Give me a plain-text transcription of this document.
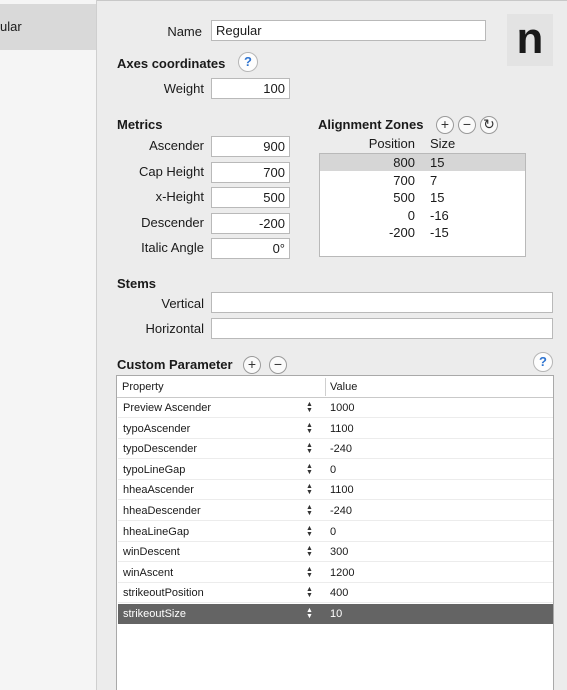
ular	Name	Regular	n
Axes coordinates	?
Weight	100
Metrics
Ascender	900
Cap Height	700
x-Height	500
Descender	-200
Italic Angle	0°
Alignment Zones	+ − ↻
Position Size
800 15
700 7
500 15
0 -16
-200 -15
Stems
Vertical
Horizontal
Custom Parameter	+	−	?
Property	Value
Preview Ascender	▲▼ 1000
typoAscender	▲▼ 1100
typoDescender	▲▼ -240
typoLineGap	▲▼ 0
hheaAscender	▲▼ 1100
hheaDescender	▲▼ -240
hheaLineGap	▲▼ 0
winDescent	▲▼ 300
winAscent	▲▼ 1200
strikeoutPosition	▲▼ 400
strikeoutSize	▲▼ 10
